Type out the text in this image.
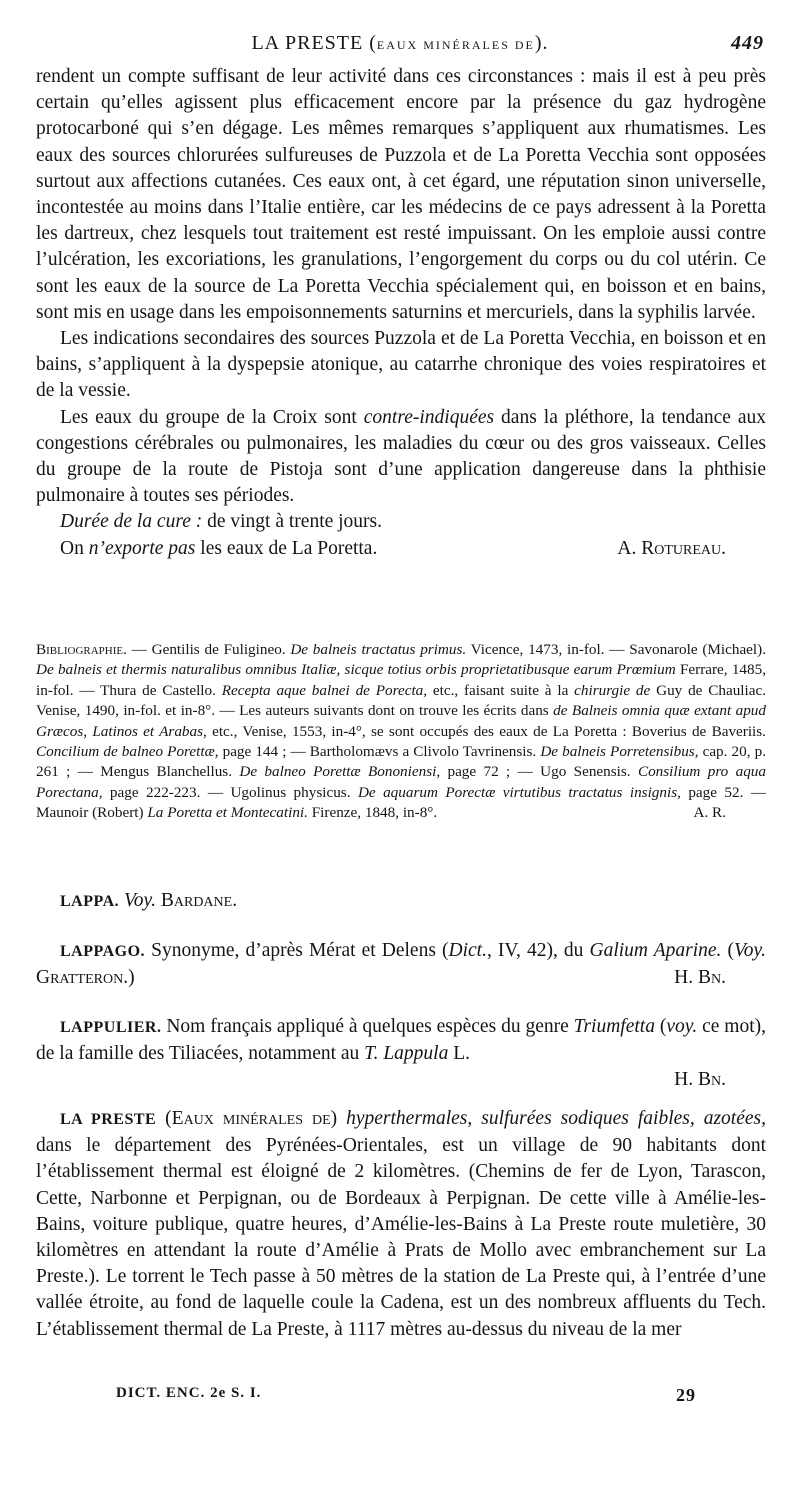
LA PRESTE (EAUX MINÉRALES DE).	449

rendent un compte suffisant de leur activité dans ces circonstances : mais il est à peu près certain qu’elles agissent plus efficacement encore par la présence du gaz hydrogène protocarboné qui s’en dégage. Les mêmes remarques s’appliquent aux rhumatismes. Les eaux des sources chlorurées sulfureuses de Puzzola et de La Poretta Vecchia sont opposées surtout aux affections cutanées. Ces eaux ont, à cet égard, une réputation sinon universelle, incontestée au moins dans l’Italie entière, car les médecins de ce pays adressent à la Poretta les dartreux, chez lesquels tout traitement est resté impuissant. On les emploie aussi contre l’ulcération, les excoriations, les granulations, l’engorgement du corps ou du col utérin. Ce sont les eaux de la source de La Poretta Vecchia spécialement qui, en boisson et en bains, sont mis en usage dans les empoisonnements saturnins et mercuriels, dans la syphilis larvée.

Les indications secondaires des sources Puzzola et de La Poretta Vecchia, en boisson et en bains, s’appliquent à la dyspepsie atonique, au catarrhe chronique des voies respiratoires et de la vessie.

Les eaux du groupe de la Croix sont contre-indiquées dans la pléthore, la tendance aux congestions cérébrales ou pulmonaires, les maladies du cœur ou des gros vaisseaux. Celles du groupe de la route de Pistoja sont d’une application dangereuse dans la phthisie pulmonaire à toutes ses périodes.

Durée de la cure : de vingt à trente jours.

On n’exporte pas les eaux de La Poretta.	A. Rotureau.

Bibliographie. — Gentilis de Fuligineo. De balneis tractatus primus. Vicence, 1473, in-fol. — Savonarole (Michael). De balneis et thermis naturalibus omnibus Italiæ, sicque totius orbis proprietatibusque earum Prœmium Ferrare, 1485, in-fol. — Thura de Castello. Recepta aque balnei de Porecta, etc., faisant suite à la chirurgie de Guy de Chauliac. Venise, 1490, in-fol. et in-8°. — Les auteurs suivants dont on trouve les écrits dans de Balneis omnia quæ extant apud Græcos, Latinos et Arabas, etc., Venise, 1553, in-4°, se sont occupés des eaux de La Poretta : Boverius de Baveriis. Concilium de balneo Porettæ, page 144 ; — Bartholomævs a Clivolo Tavrinensis. De balneis Porretensibus, cap. 20, p. 261 ; — Mengus Blanchellus. De balneo Porettæ Bononiensi, page 72 ; — Ugo Senensis. Consilium pro aqua Porectana, page 222-223. — Ugolinus physicus. De aquarum Porectæ virtutibus tractatus insignis, page 52. — Maunoir (Robert) La Poretta et Montecatini. Firenze, 1848, in-8°.	A. R.
LAPPA. Voy. Bardane.
LAPPAGO. Synonyme, d’après Mérat et Delens (Dict., IV, 42), du Galium Aparine. (Voy. Gratteron.)	H. Bn.
LAPPULIER. Nom français appliqué à quelques espèces du genre Triumfetta (voy. ce mot), de la famille des Tiliacées, notamment au T. Lappula L.
H. Bn.
LA PRESTE (Eaux minérales de) hyperthermales, sulfurées sodiques faibles, azotées, dans le département des Pyrénées-Orientales, est un village de 90 habitants dont l’établissement thermal est éloigné de 2 kilomètres. (Chemins de fer de Lyon, Tarascon, Cette, Narbonne et Perpignan, ou de Bordeaux à Perpignan. De cette ville à Amélie-les-Bains, voiture publique, quatre heures, d’Amélie-les-Bains à La Preste route muletière, 30 kilomètres en attendant la route d’Amélie à Prats de Mollo avec embranchement sur La Preste.). Le torrent le Tech passe à 50 mètres de la station de La Preste qui, à l’entrée d’une vallée étroite, au fond de laquelle coule la Cadena, est un des nombreux affluents du Tech. L’établissement thermal de La Preste, à 1117 mètres au-dessus du niveau de la mer
DICT. ENC. 2e S. I.	29
